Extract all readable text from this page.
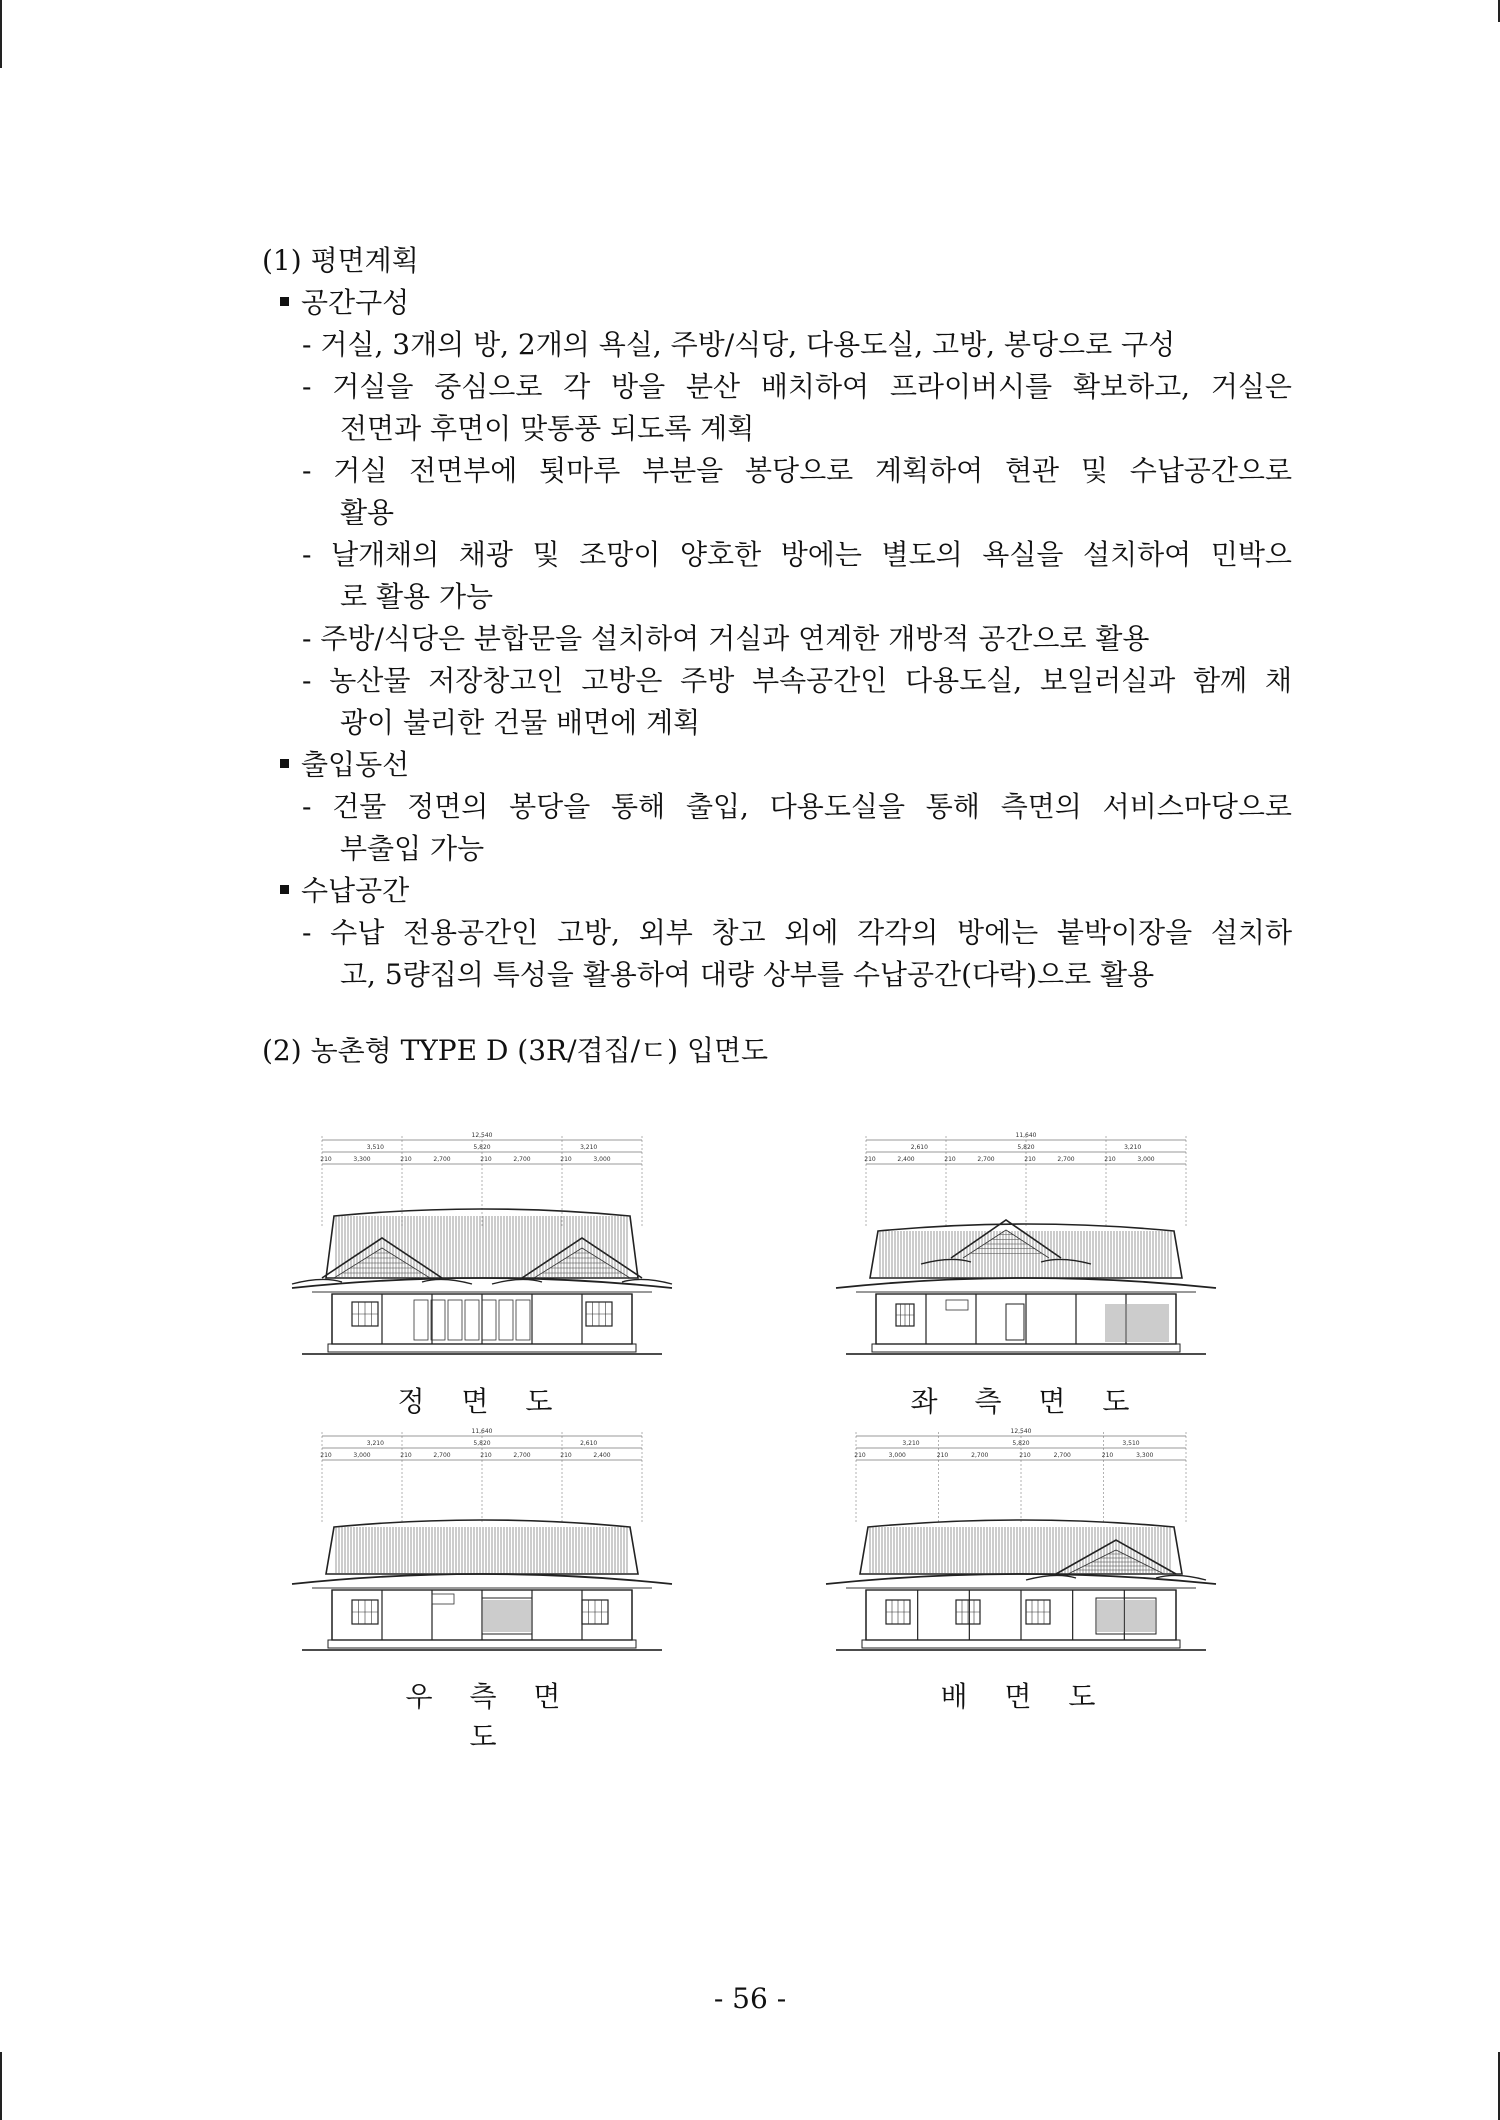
(1) 평면계획
공간구성
- 거실, 3개의 방, 2개의 욕실, 주방/식당, 다용도실, 고방, 봉당으로 구성
- 거실을 중심으로 각 방을 분산 배치하여 프라이버시를 확보하고, 거실은
전면과 후면이 맞통풍 되도록 계획
- 거실 전면부에 툇마루 부분을 봉당으로 계획하여 현관 및 수납공간으로
활용
- 날개채의 채광 및 조망이 양호한 방에는 별도의 욕실을 설치하여 민박으
로 활용 가능
- 주방/식당은 분합문을 설치하여 거실과 연계한 개방적 공간으로 활용
- 농산물 저장창고인 고방은 주방 부속공간인 다용도실, 보일러실과 함께 채
광이 불리한 건물 배면에 계획
출입동선
- 건물 정면의 봉당을 통해 출입, 다용도실을 통해 측면의 서비스마당으로
부출입 가능
수납공간
- 수납 전용공간인 고방, 외부 창고 외에 각각의 방에는 붙박이장을 설치하
고, 5량집의 특성을 활용하여 대량 상부를 수납공간(다락)으로 활용
(2) 농촌형 TYPE D (3R/겹집/ㄷ) 입면도
12,540
3,510	5,820	3,210
3,300
210	2,700
210	2,700
210	3,000
210
정 면 도
11,640
2,610	5,820	3,210
2,400
210	2,700
210	2,700
210	3,000
210
좌 측 면 도
11,640
3,210	5,820	2,610
3,000
210	2,700
210	2,700
210	2,400
210
우 측 면 도
12,540
3,210	5,820	3,510
3,000
210	2,700
210	2,700
210	3,300
210
배 면 도
- 56 -
